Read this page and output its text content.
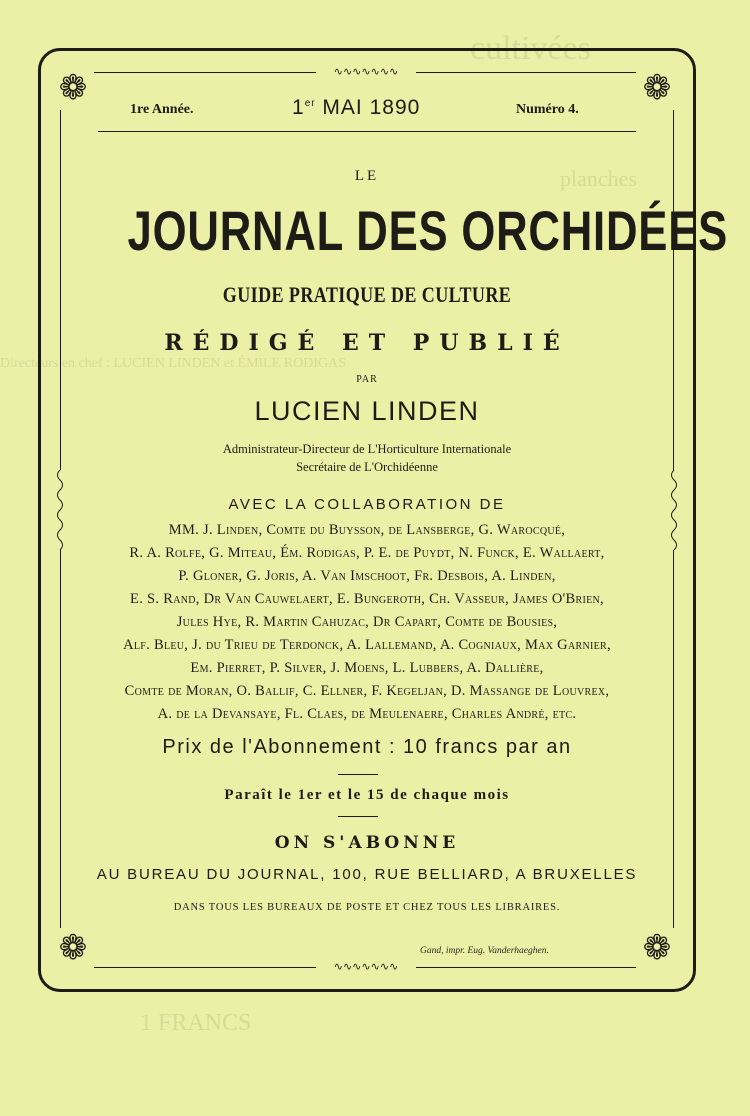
cultivées
planches
Directeurs en chef : LUCIEN LINDEN et ÉMILE RODIGAS
1 FRANCS
∿∿∿∿∿∿∿
∿∿∿∿∿∿∿
❁	❁
❁	❁
1re Année.	1er MAI 1890	Numéro 4.
LE
JOURNAL DES ORCHIDÉES
GUIDE PRATIQUE DE CULTURE
RÉDIGÉ ET PUBLIÉ
PAR
LUCIEN LINDEN
Administrateur-Directeur de L'Horticulture Internationale
Secrétaire de L'Orchidéenne
AVEC LA COLLABORATION DE
MM. J. Linden, Comte du Buysson, de Lansberge, G. Warocqué,
R. A. Rolfe, G. Miteau, Ém. Rodigas, P. E. de Puydt, N. Funck, E. Wallaert,
P. Gloner, G. Joris, A. Van Imschoot, Fr. Desbois, A. Linden,
E. S. Rand, Dr Van Cauwelaert, E. Bungeroth, Ch. Vasseur, James O'Brien,
Jules Hye, R. Martin Cahuzac, Dr Capart, Comte de Bousies,
Alf. Bleu, J. du Trieu de Terdonck, A. Lallemand, A. Cogniaux, Max Garnier,
Em. Pierret, P. Silver, J. Moens, L. Lubbers, A. Dallière,
Comte de Moran, O. Ballif, C. Ellner, F. Kegeljan, D. Massange de Louvrex,
A. de la Devansaye, Fl. Claes, de Meulenaere, Charles André, etc.
Prix de l'Abonnement : 10 francs par an
Paraît le 1er et le 15 de chaque mois
ON S'ABONNE
AU BUREAU DU JOURNAL, 100, RUE BELLIARD, A BRUXELLES
DANS TOUS LES BUREAUX DE POSTE ET CHEZ TOUS LES LIBRAIRES.
Gand, impr. Eug. Vanderhaeghen.
